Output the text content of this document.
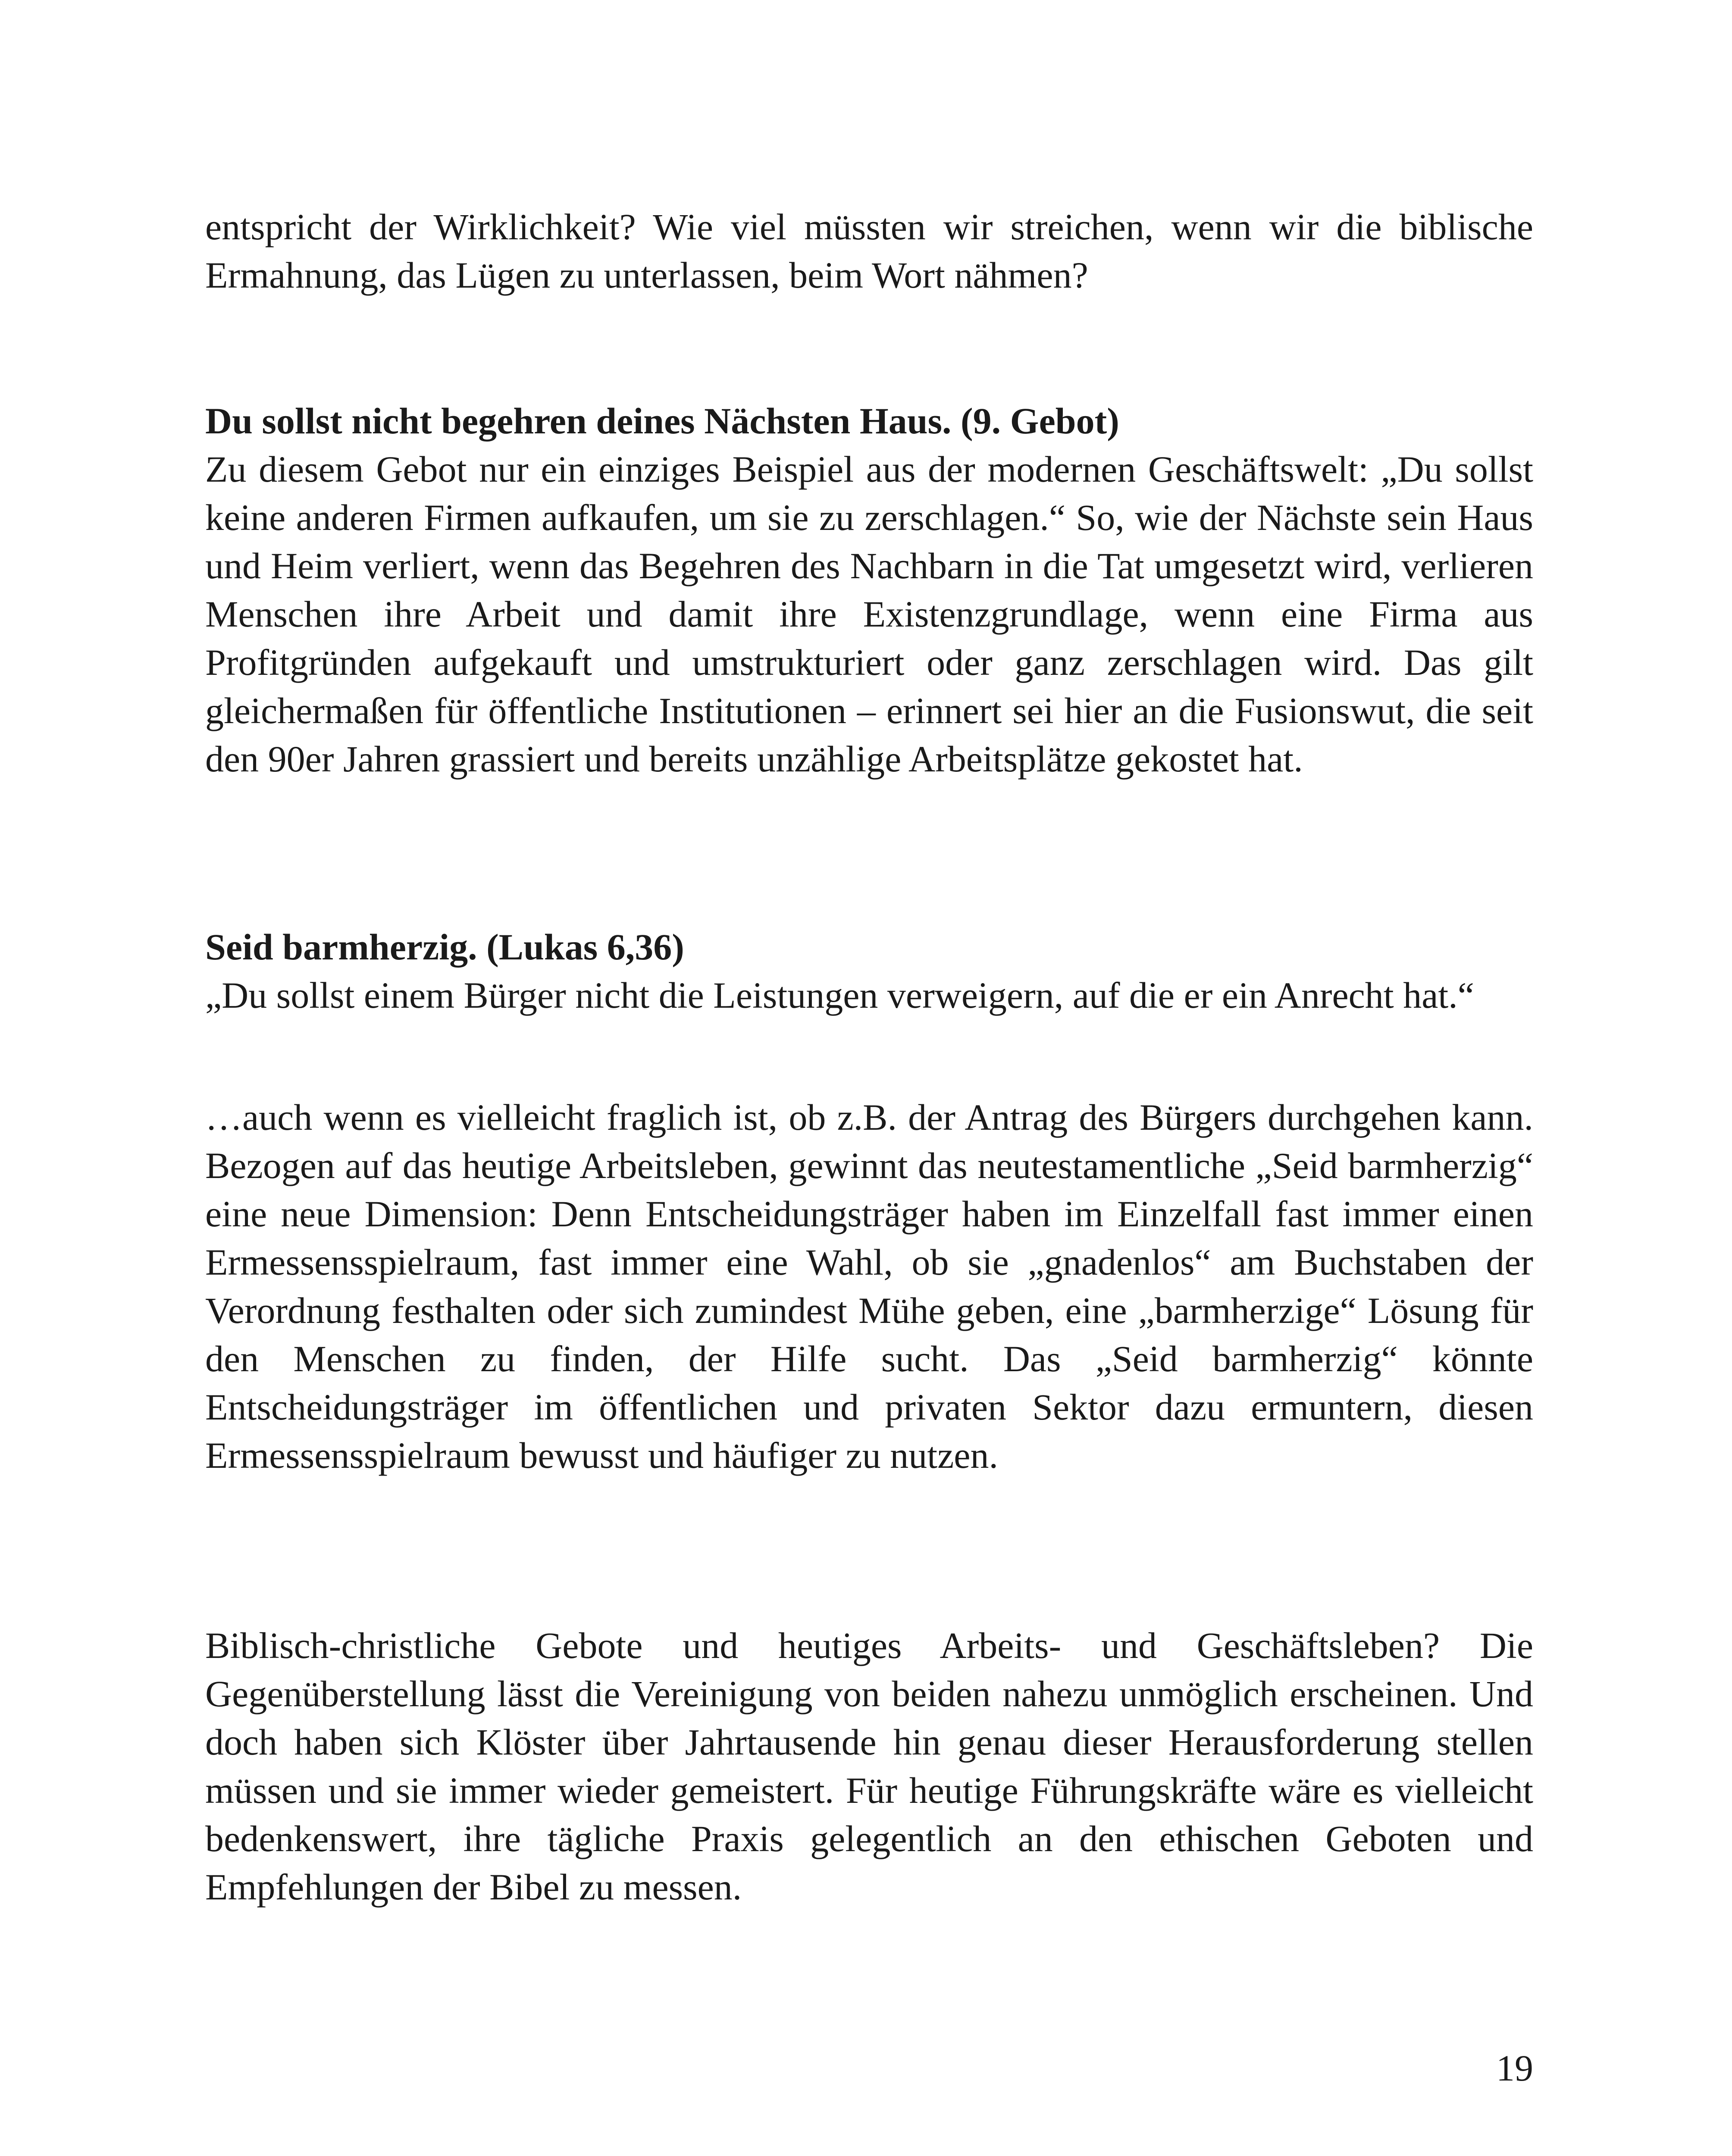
entspricht der Wirklichkeit? Wie viel müssten wir streichen, wenn wir die biblische Ermahnung, das Lügen zu unterlassen, beim Wort nähmen?

Du sollst nicht begehren deines Nächsten Haus. (9. Gebot)

Zu diesem Gebot nur ein einziges Beispiel aus der modernen Geschäftswelt: „Du sollst keine anderen Firmen aufkaufen, um sie zu zerschlagen.“ So, wie der Nächste sein Haus und Heim verliert, wenn das Begehren des Nachbarn in die Tat umgesetzt wird, verlieren Menschen ihre Arbeit und damit ihre Existenzgrundlage, wenn eine Firma aus Profitgründen aufgekauft und umstrukturiert oder ganz zerschlagen wird. Das gilt gleichermaßen für öffentliche Institutionen – erinnert sei hier an die Fusionswut, die seit den 90er Jahren grassiert und bereits unzählige Arbeitsplätze gekostet hat.

Seid barmherzig. (Lukas 6,36)

„Du sollst einem Bürger nicht die Leistungen verweigern, auf die er ein Anrecht hat.“

…auch wenn es vielleicht fraglich ist, ob z.B. der Antrag des Bürgers durchgehen kann. Bezogen auf das heutige Arbeitsleben, gewinnt das neutestamentliche „Seid barmherzig“ eine neue Dimension: Denn Entscheidungsträger haben im Einzelfall fast immer einen Ermessensspielraum, fast immer eine Wahl, ob sie „gnadenlos“ am Buchstaben der Verordnung festhalten oder sich zumindest Mühe geben, eine „barmherzige“ Lösung für den Menschen zu finden, der Hilfe sucht. Das „Seid barmherzig“ könnte Entscheidungsträger im öffentlichen und privaten Sektor dazu ermuntern, diesen Ermessensspielraum bewusst und häufiger zu nutzen.

Biblisch-christliche Gebote und heutiges Arbeits- und Geschäftsleben? Die Gegenüberstellung lässt die Vereinigung von beiden nahezu unmöglich erscheinen. Und doch haben sich Klöster über Jahrtausende hin genau dieser Herausforderung stellen müssen und sie immer wieder gemeistert. Für heutige Führungskräfte wäre es vielleicht bedenkenswert, ihre tägliche Praxis gelegentlich an den ethischen Geboten und Empfehlungen der Bibel zu messen.

19
